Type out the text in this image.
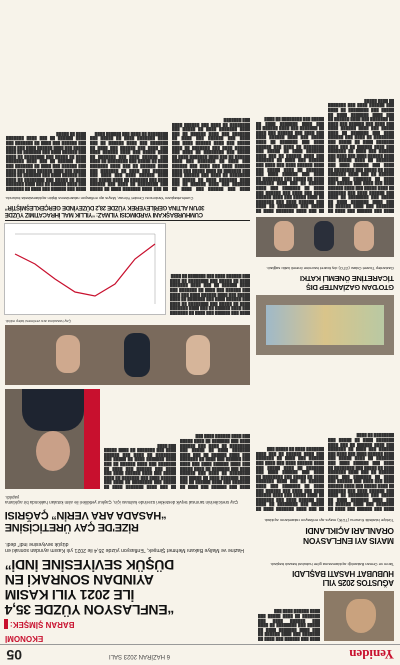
Yeniden
6 HAZİRAN 2023 SALI
05
EKONOMİ
BARAN ŞİMŞEK:
“ENFLASYON YÜZDE 35,4
İLE 2021 YILI KASIM
AYINDAN SONRAKİ EN
DÜŞÜK SEVİYESİNE İNDİ”
Hazine ve Maliye Bakanı Mehmet Şimşek, “Enflasyon yüzde 35,4 ile 2021 yılı Kasım ayından sonraki en düşük seviyesine indi” dedi.
AĞUSTOS 2025 YILI
HUBUBAT HASATI BAŞLADI
Tarım ve Orman Bakanlığı açıklamasına göre hububat hasadı başladı.
████ ███ ██████ ███ ████ ██ ███████ ███ ████ ██████ ██ ███ ████ ███████ ████ ██ █████ ███ ████████ ██ ████ ███ ██████ ████ ███ ███████ ██ ████ █████ ███ ████ ██████ ████ ███
RİZE'DE ÇAY ÜRETİCİSİNE
“HASADA ARA VERİN” ÇAĞRISI
Çay üreticilerinin tarımsal teşvik destekleri üzerinde kalması için, Çaykur yetkilileri ile alım kotaları hakkında bir açıklama yapıldı.
████ ███ ██████ ███ ████ ██ ███████ ███ ████ ██████ ██ ███ ████ ███████ ████ ██ █████ ███ ████████ ██ ████ ███ ██████ ████ ███ ███████ ██ ████ █████ ███ ████ ██████ ████ ███ ████ ███ ██████ ███ ████ ██ ███████ ███ ████ ██████ ██ ███ ████ ███████ ████ ██ █████ ███ ████████ ██ ████ ███ ██████ ████ ███ ███████ ██ ████ █████ ███ ████ ██████ ████ ███
██ ███ ████ ███████ ████ ██ █████ ███ ████████ ██ ████ ███ ██████ ████ ███ ███████ ██ ████ █████ ███ ████ ██████ ████ ███ ████ ███ ██████ ███ ████ ██ ███████ ███ ████ ██████ ██ ███ ████ ███████ ████ ██ █████ ███ ████████ ██ ████ ███ ██████ ████ ███ ███████ ██ ████ █████ ███ ████
MAYIS AYI ENFLASYON
ORANLARI AÇIKLANDI
Türkiye İstatistik Kurumu (TÜİK) mayıs ayı enflasyon rakamlarını açıkladı.
████ ███ ██████ ███ ████ ██ ███████ ███ ████ ██████ ██ ███ ████ ███████ ████ ██ █████ ███ ████████ ██ ████ ███ ██████ ████ ███ ███████ ██ ████ █████ ███ ████ ██████ ████ ███ ████ ███ ██████ ███ ████ ██ ███████ ███ ████ ██████ ██ ███ ████ ███████ ████ ██ █████ ███ ████████ ██ ████ ███ ██████ ████ ███ ███████ ██ ████ █████ ███ ████ ██████ ████ ███ ████ ███ ██████ ███ ████ ██ ███████ ███ ████ ██████ ██ ███ ████ ███████ ████ ██ █████ ███ ████████ ██ ████
██ ███ ████ ███████ ████ ██ █████ ███ ████████ ██ ████ ███ ██████ ████ ███ ███████ ██ ████ █████ ███ ████ ██████ ████ ███ ████ ███ ██████ ███ ████ ██ ███████ ███ ████ ██████ ██ ███ ████ ███████ ████ ██ █████ ███ ████████ ██ ████ ███ ██████ ████ ███ ███████ ██ ████ █████ ███ ████ ██████ ████ ███ ████ ███ ██████ ███ ████ ██ ███████ ███ ████ ██████ ██ ███ ████ ███████ ████ ██ █████ ███
Çay hasadına ara verilmesi talep edildi.
████ ███ ██████ ███ ████ ██ ███████ ███ ████ ██████ ██ ███ ████ ███████ ████ ██ █████ ███ ████████ ██ ████ ███ ██████ ████ ███ ███████ ██ ████ █████ ███ ████ ██████ ████ ███ ████ ███ ██████ ███ ████ ██ ███████ ███ ████ ██████ ██ ███ ████ ███████ ████ ██ █████ ███ ████████ ██ ████ ███ ██████ ████ ███ ███████ ██ ████
CUMHURBAŞKANI YARDIMCISI YILMAZ: “YILLIK MAL İHRACATIMIZ YÜZDE
30'UN ALTINA GERİLEYEREK YÜZDE 28,2 DÜZEYİNDE GERÇEKLEŞMİŞTİR”
Cumhurbaşkanı Yardımcısı Cevdet Yılmaz, Mayıs ayı enflasyon rakamlarına ilişkin açıklamalarda bulundu.
GTO'DAN GAZİANTEP DIŞ
TİCARETİNE ÖNEMLİ KATKI
Gaziantep Ticaret Odası (GTO) dış ticaret hacmine önemli katkı sağladı.
████ ███ ██████ ███ ████ ██ ███████ ███ ████ ██████ ██ ███ ████ ███████ ████ ██ █████ ███ ████████ ██ ████ ███ ██████ ████ ███ ███████ ██ ████ █████ ███ ████ ██████ ████ ███ ████ ███ ██████ ███ ████ ██ ███████ ███ ████ ██████ ██ ███ ████ ███████ ████ ██ █████ ███ ████████ ██ ████ ███ ██████ ████ ███ ███████ ██ ████ █████ ███ ████ ██████ ████ ███ ████ ███ ██████ ███ ████ ██ ███████ ███ ████ ██████ ██ ███ ████ ███████ ████ ██ █████ ███ ████████ ██ ████ ███ ██████ ████ ███ ███████ ██ ████ █████ ███ ████ ██████ ████ ███ ████ ███ ██████ ███ ████ ██ ███████ ███ ████ ██████ ██ ███ ████ ███████ ████ ██ █████ ███ ████████ ██ ████ ███ ██████ ████ ███ ███████ ██ ████ █████
██ ███ ████ ███████ ████ ██ █████ ███ ████████ ██ ████ ███ ██████ ████ ███ ███████ ██ ████ █████ ███ ████ ██████ ████ ███ ████ ███ ██████ ███ ████ ██ ███████ ███ ████ ██████ ██ ███ ████ ███████ ████ ██ █████ ███ ████████ ██ ████ ███ ██████ ████ ███ ███████ ██ ████ █████ ███ ████ ██████ ████ ███ ████ ███ ██████ ███ ████ ██ ███████ ███ ████ ██████ ██ ███ ████ ███████ ████ ██ █████ ███ ████████ ██ ████ ███ ██████ ████ ███ ███████ ██ ████ █████ ███ ████ ██████ ████ ███ ████ ███ ██████ ███ ████ ██ ███████ ███ ████ ██████ ██ ███ ████ ███████ ████ ██ █████ ███ ████████ ██ ████
████ ███ ██████ ███ ████ ██ ███████ ███ ████ ██████ ██ ███ ████ ███████ ████ ██ █████ ███ ████████ ██ ████ ███ ██████ ████ ███ ███████ ██ ████ █████ ███ ████ ██████ ████ ███ ████ ███ ██████ ███ ████ ██ ███████ ███ ████ ██████ ██ ███ ████ ███████ ████ ██ █████ ███ ████████ ██ ████ ███ ██████ ████ ███ ███████ ██ ████ █████ ███ ████ ██████ ████ ███ ████ ███ ██████ ███ ████ ██ ███████ ███ ████ ██████ ██ ███ ████ ███████ ████ ██ █████ ███ ████████ ██ ████ ███ ██████ ████ ███ ███████
██ ███ ████ ███████ ████ ██ █████ ███ ████████ ██ ████ ███ ██████ ████ ███ ███████ ██ ████ █████ ███ ████ ██████ ████ ███ ████ ███ ██████ ███ ████ ██ ███████ ███ ████ ██████ ██ ███ ████ ███████ ████ ██ █████ ███ ████████ ██ ████ ███ ██████ ████ ███ ███████ ██ ████ █████ ███ ████ ██████ ████ ███ ████ ███ ██████ ███ ████ ██ ███████ ███ ████ ██████ ██ ███ ████ ███████ ████ ██ █████ ███ ████████ ██ ████ ███ ██████ ████
████ ███ ██████ ███ ████ ██ ███████ ███ ████ ██████ ██ ███ ████ ███████ ████ ██ █████ ███ ████████ ██ ████ ███ ██████ ████ ███ ███████ ██ ████ █████ ███ ████ ██████ ████ ███ ████ ███ ██████ ███ ████ ██ ███████ ███ ████ ██████ ██ ███ ████ ███████ ████ ██ █████ ███ ████████ ██ ████ ███ ██████ ████ ███ ███████ ██ ████ █████ ███ ████ ██████ ████ ███ ████ ███ ██████ ███ ████ ██ ███████ ███ ████ ██████ ██ ███ ████ ███████ ████ ██ █████
